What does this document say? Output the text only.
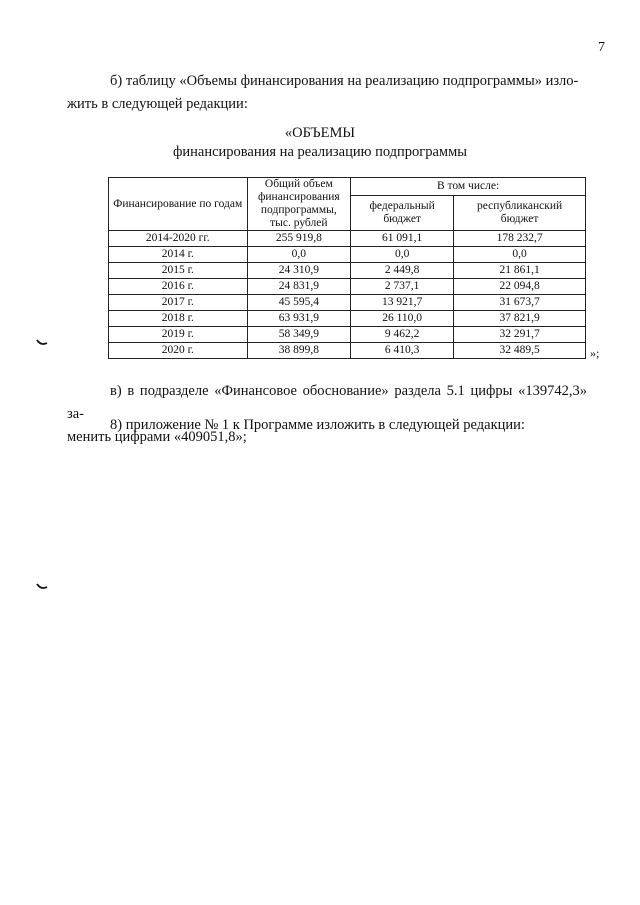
7
б) таблицу «Объемы финансирования на реализацию подпрограммы» изло-
жить в следующей редакции:
«ОБЪЕМЫ
финансирования на реализацию подпрограммы
Финансирование по годам	Общий объем финансирования подпрограммы, тыс. рублей	В том числе:	
		федеральный бюджет	республиканский бюджет
2014-2020 гг.	255 919,8	61 091,1	178 232,7
2014 г.	0,0	0,0	0,0
2015 г.	24 310,9	2 449,8	21 861,1
2016 г.	24 831,9	2 737,1	22 094,8
2017 г.	45 595,4	13 921,7	31 673,7
2018 г.	63 931,9	26 110,0	37 821,9
2019 г.	58 349,9	9 462,2	32 291,7
2020 г.	38 899,8	6 410,3	32 489,5	»;
в) в подразделе «Финансовое обоснование» раздела 5.1 цифры «139742,3» за-
менить цифрами «409051,8»;
8) приложение № 1 к Программе изложить в следующей редакции:
